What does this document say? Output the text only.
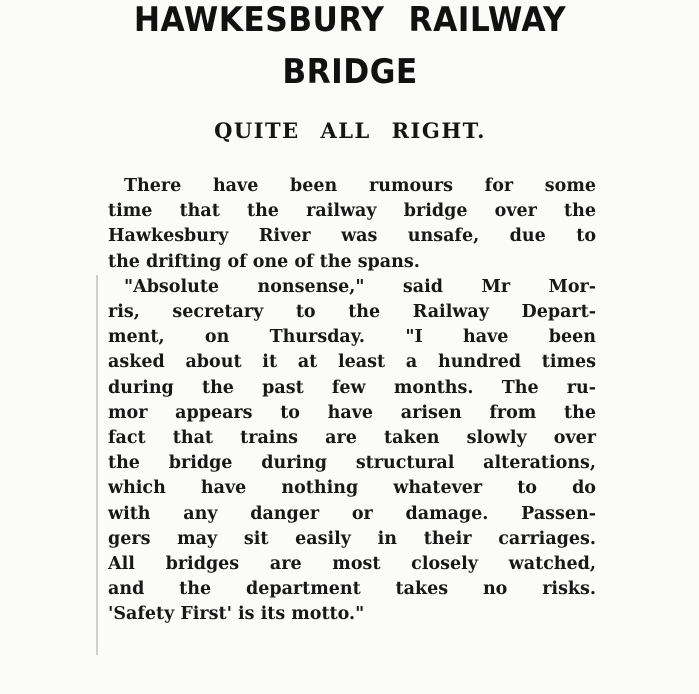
HAWKESBURY RAILWAY
BRIDGE
QUITE ALL RIGHT.
There have been rumours for some
time that the railway bridge over the
Hawkesbury River was unsafe, due to
the drifting of one of the spans.
"Absolute nonsense," said Mr Mor-
ris, secretary to the Railway Depart-
ment, on Thursday. "I have been
asked about it at least a hundred times
during the past few months. The ru-
mor appears to have arisen from the
fact that trains are taken slowly over
the bridge during structural alterations,
which have nothing whatever to do
with any danger or damage. Passen-
gers may sit easily in their carriages.
All bridges are most closely watched,
and the department takes no risks.
'Safety First' is its motto."
